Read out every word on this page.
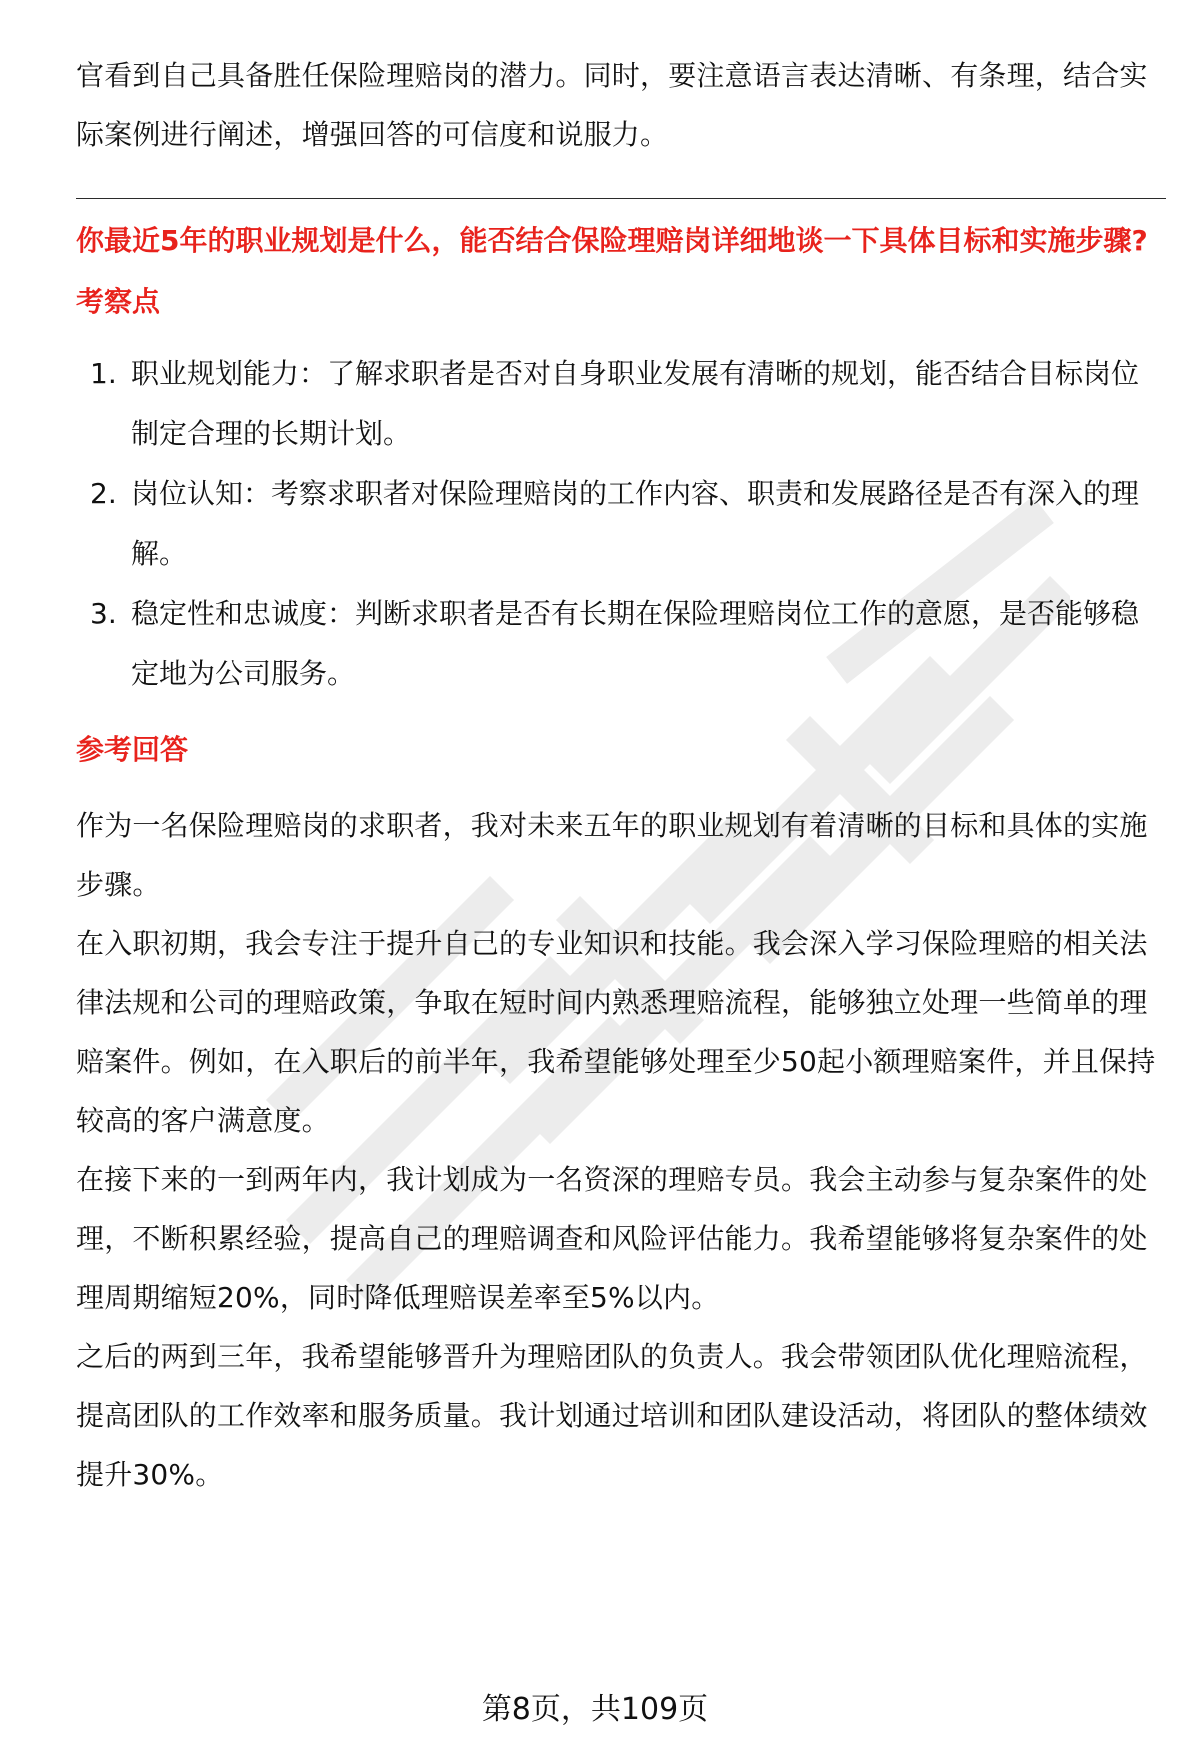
官看到自己具备胜任保险理赔岗的潜力。同时，要注意语言表达清晰、有条理，结合实际案例进行阐述，增强回答的可信度和说服力。

你最近5年的职业规划是什么，能否结合保险理赔岗详细地谈一下具体目标和实施步骤?
考察点
1. 职业规划能力：了解求职者是否对自身职业发展有清晰的规划，能否结合目标岗位制定合理的长期计划。
2. 岗位认知：考察求职者对保险理赔岗的工作内容、职责和发展路径是否有深入的理解。
3. 稳定性和忠诚度：判断求职者是否有长期在保险理赔岗位工作的意愿，是否能够稳定地为公司服务。
参考回答

作为一名保险理赔岗的求职者，我对未来五年的职业规划有着清晰的目标和具体的实施步骤。

在入职初期，我会专注于提升自己的专业知识和技能。我会深入学习保险理赔的相关法律法规和公司的理赔政策，争取在短时间内熟悉理赔流程，能够独立处理一些简单的理赔案件。例如，在入职后的前半年，我希望能够处理至少50起小额理赔案件，并且保持较高的客户满意度。

在接下来的一到两年内，我计划成为一名资深的理赔专员。我会主动参与复杂案件的处理，不断积累经验，提高自己的理赔调查和风险评估能力。我希望能够将复杂案件的处理周期缩短20%，同时降低理赔误差率至5%以内。

之后的两到三年，我希望能够晋升为理赔团队的负责人。我会带领团队优化理赔流程，提高团队的工作效率和服务质量。我计划通过培训和团队建设活动，将团队的整体绩效提升30%。

第8页，共109页
